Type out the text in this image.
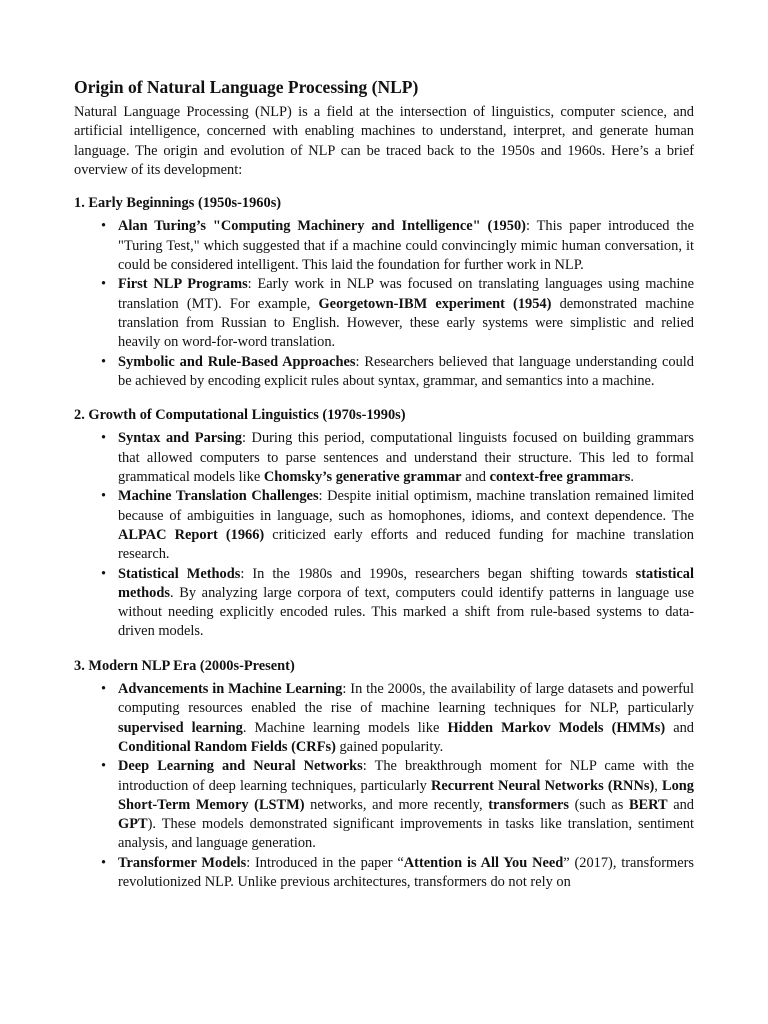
Origin of Natural Language Processing (NLP)

Natural Language Processing (NLP) is a field at the intersection of linguistics, computer science, and artificial intelligence, concerned with enabling machines to understand, interpret, and generate human language. The origin and evolution of NLP can be traced back to the 1950s and 1960s. Here’s a brief overview of its development:

1. Early Beginnings (1950s-1960s)
• Alan Turing’s "Computing Machinery and Intelligence" (1950): This paper introduced the "Turing Test," which suggested that if a machine could convincingly mimic human conversation, it could be considered intelligent. This laid the foundation for further work in NLP.
• First NLP Programs: Early work in NLP was focused on translating languages using machine translation (MT). For example, Georgetown-IBM experiment (1954) demonstrated machine translation from Russian to English. However, these early systems were simplistic and relied heavily on word-for-word translation.
• Symbolic and Rule-Based Approaches: Researchers believed that language understanding could be achieved by encoding explicit rules about syntax, grammar, and semantics into a machine.
2. Growth of Computational Linguistics (1970s-1990s)
• Syntax and Parsing: During this period, computational linguists focused on building grammars that allowed computers to parse sentences and understand their structure. This led to formal grammatical models like Chomsky’s generative grammar and context-free grammars.
• Machine Translation Challenges: Despite initial optimism, machine translation remained limited because of ambiguities in language, such as homophones, idioms, and context dependence. The ALPAC Report (1966) criticized early efforts and reduced funding for machine translation research.
• Statistical Methods: In the 1980s and 1990s, researchers began shifting towards statistical methods. By analyzing large corpora of text, computers could identify patterns in language use without needing explicitly encoded rules. This marked a shift from rule-based systems to data-driven models.
3. Modern NLP Era (2000s-Present)
• Advancements in Machine Learning: In the 2000s, the availability of large datasets and powerful computing resources enabled the rise of machine learning techniques for NLP, particularly supervised learning. Machine learning models like Hidden Markov Models (HMMs) and Conditional Random Fields (CRFs) gained popularity.
• Deep Learning and Neural Networks: The breakthrough moment for NLP came with the introduction of deep learning techniques, particularly Recurrent Neural Networks (RNNs), Long Short-Term Memory (LSTM) networks, and more recently, transformers (such as BERT and GPT). These models demonstrated significant improvements in tasks like translation, sentiment analysis, and language generation.
• Transformer Models: Introduced in the paper “Attention is All You Need” (2017), transformers revolutionized NLP. Unlike previous architectures, transformers do not rely on
